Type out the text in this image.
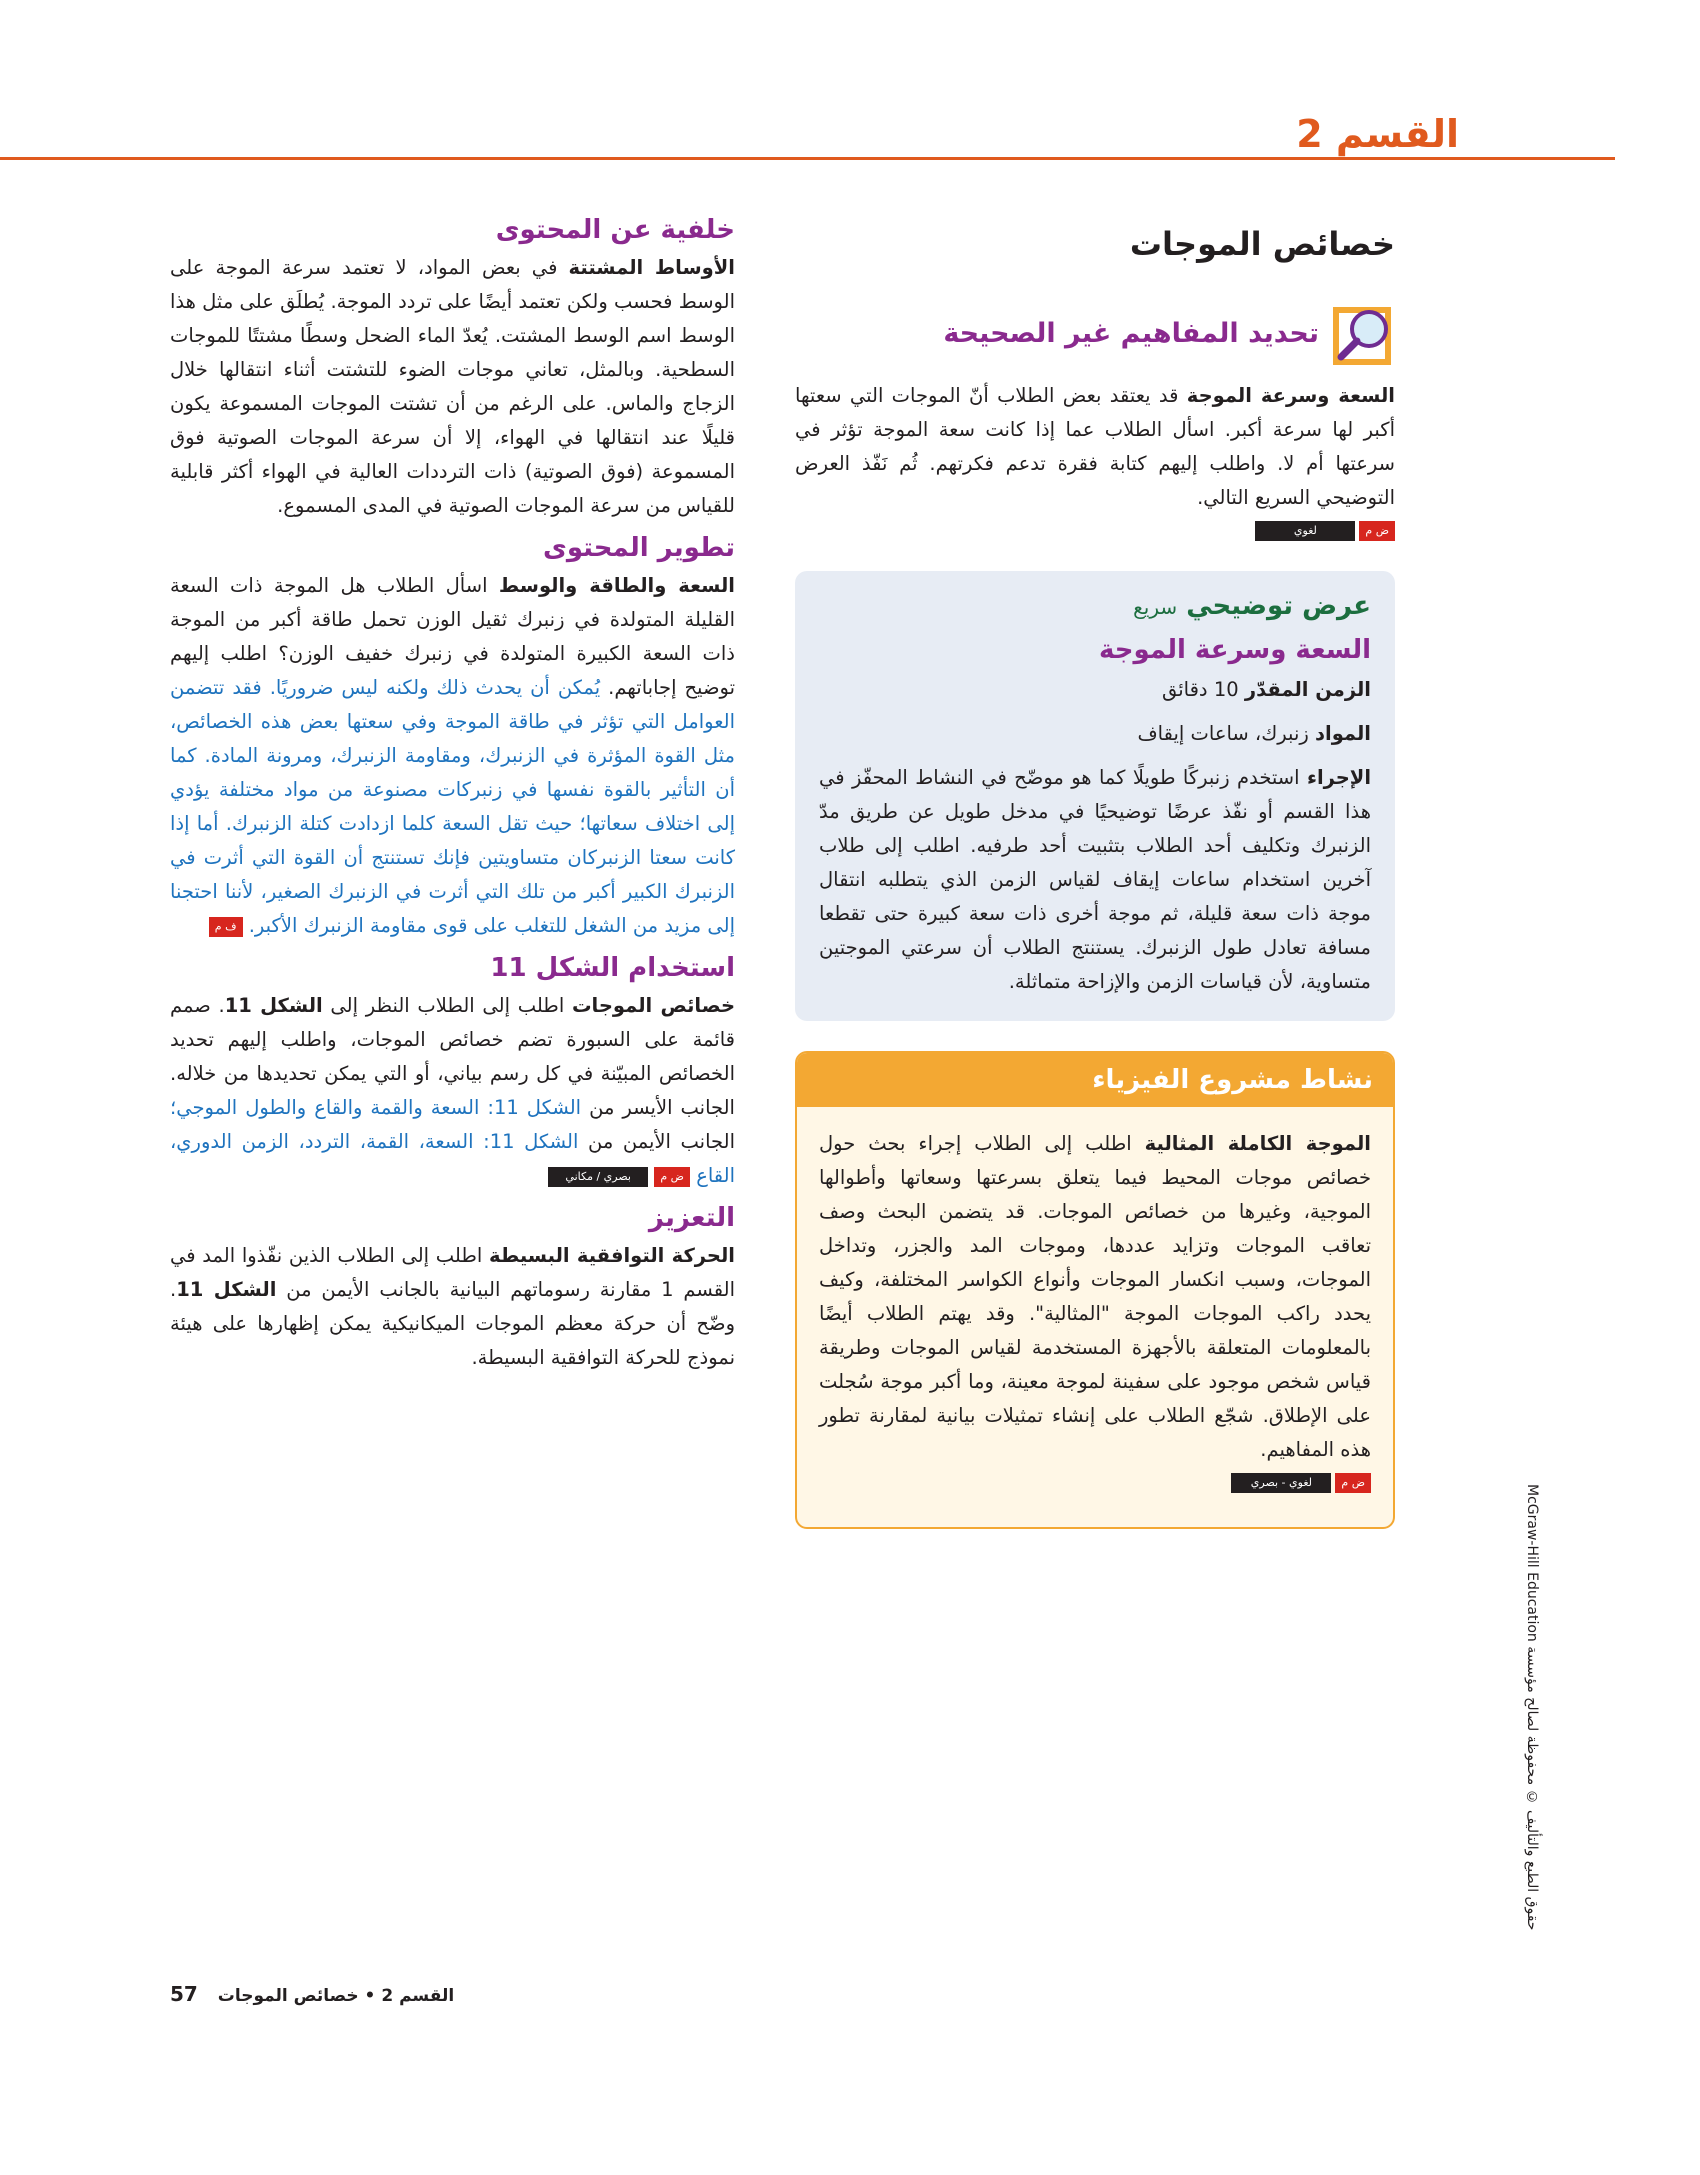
القسم 2
خصائص الموجات
تحديد المفاهيم غير الصحيحة

السعة وسرعة الموجة قد يعتقد بعض الطلاب أنّ الموجات التي سعتها أكبر لها سرعة أكبر. اسأل الطلاب عما إذا كانت سعة الموجة تؤثر في سرعتها أم لا. واطلب إليهم كتابة فقرة تدعم فكرتهم. ثُم نَفّذ العرض التوضيحي السريع التالي.

ض م
لغوي
عرض توضيحي سريع
السعة وسرعة الموجة

الزمن المقدّر 10 دقائق

المواد زنبرك، ساعات إيقاف

الإجراء استخدم زنبركًا طويلًا كما هو موضّح في النشاط المحفّز في هذا القسم أو نفّذ عرضًا توضيحيًا في مدخل طويل عن طريق مدّ الزنبرك وتكليف أحد الطلاب بتثبيت أحد طرفيه. اطلب إلى طلاب آخرين استخدام ساعات إيقاف لقياس الزمن الذي يتطلبه انتقال موجة ذات سعة قليلة، ثم موجة أخرى ذات سعة كبيرة حتى تقطعا مسافة تعادل طول الزنبرك. يستنتج الطلاب أن سرعتي الموجتين متساوية، لأن قياسات الزمن والإزاحة متماثلة.

نشاط مشروع الفيزياء

الموجة الكاملة المثالية اطلب إلى الطلاب إجراء بحث حول خصائص موجات المحيط فيما يتعلق بسرعتها وسعاتها وأطوالها الموجية، وغيرها من خصائص الموجات. قد يتضمن البحث وصف تعاقب الموجات وتزايد عددها، وموجات المد والجزر، وتداخل الموجات، وسبب انكسار الموجات وأنواع الكواسر المختلفة، وكيف يحدد راكب الموجات الموجة "المثالية". وقد يهتم الطلاب أيضًا بالمعلومات المتعلقة بالأجهزة المستخدمة لقياس الموجات وطريقة قياس شخص موجود على سفينة لموجة معينة، وما أكبر موجة سُجلت على الإطلاق. شجّع الطلاب على إنشاء تمثيلات بيانية لمقارنة تطور هذه المفاهيم.

ض م
لغوي - بصري
خلفية عن المحتوى

الأوساط المشتتة في بعض المواد، لا تعتمد سرعة الموجة على الوسط فحسب ولكن تعتمد أيضًا على تردد الموجة. يُطلَق على مثل هذا الوسط اسم الوسط المشتت. يُعدّ الماء الضحل وسطًا مشتتًا للموجات السطحية. وبالمثل، تعاني موجات الضوء للتشتت أثناء انتقالها خلال الزجاج والماس. على الرغم من أن تشتت الموجات المسموعة يكون قليلًا عند انتقالها في الهواء، إلا أن سرعة الموجات الصوتية فوق المسموعة (فوق الصوتية) ذات الترددات العالية في الهواء أكثر قابلية للقياس من سرعة الموجات الصوتية في المدى المسموع.

تطوير المحتوى

السعة والطاقة والوسط اسأل الطلاب هل الموجة ذات السعة القليلة المتولدة في زنبرك ثقيل الوزن تحمل طاقة أكبر من الموجة ذات السعة الكبيرة المتولدة في زنبرك خفيف الوزن؟ اطلب إليهم توضيح إجاباتهم. يُمكن أن يحدث ذلك ولكنه ليس ضروريًا. فقد تتضمن العوامل التي تؤثر في طاقة الموجة وفي سعتها بعض هذه الخصائص، مثل القوة المؤثرة في الزنبرك، ومقاومة الزنبرك، ومرونة المادة. كما أن التأثير بالقوة نفسها في زنبركات مصنوعة من مواد مختلفة يؤدي إلى اختلاف سعاتها؛ حيث تقل السعة كلما ازدادت كتلة الزنبرك. أما إذا كانت سعتا الزنبركان متساويتين فإنك تستنتج أن القوة التي أثرت في الزنبرك الكبير أكبر من تلك التي أثرت في الزنبرك الصغير، لأننا احتجنا إلى مزيد من الشغل للتغلب على قوى مقاومة الزنبرك الأكبر. ف م

استخدام الشكل 11

خصائص الموجات اطلب إلى الطلاب النظر إلى الشكل 11. صمم قائمة على السبورة تضم خصائص الموجات، واطلب إليهم تحديد الخصائص المبيّنة في كل رسم بياني، أو التي يمكن تحديدها من خلاله. الجانب الأيسر من الشكل 11: السعة والقمة والقاع والطول الموجي؛ الجانب الأيمن من الشكل 11: السعة، القمة، التردد، الزمن الدوري، القاع ض م بصري / مكاني

التعزيز

الحركة التوافقية البسيطة اطلب إلى الطلاب الذين نفّذوا المد في القسم 1 مقارنة رسوماتهم البيانية بالجانب الأيمن من الشكل 11. وضّح أن حركة معظم الموجات الميكانيكية يمكن إظهارها على هيئة نموذج للحركة التوافقية البسيطة.

القسم 2 • خصائص الموجات 57
حقوق الطبع والتأليف © محفوظة لصالح مؤسسة McGraw-Hill Education
